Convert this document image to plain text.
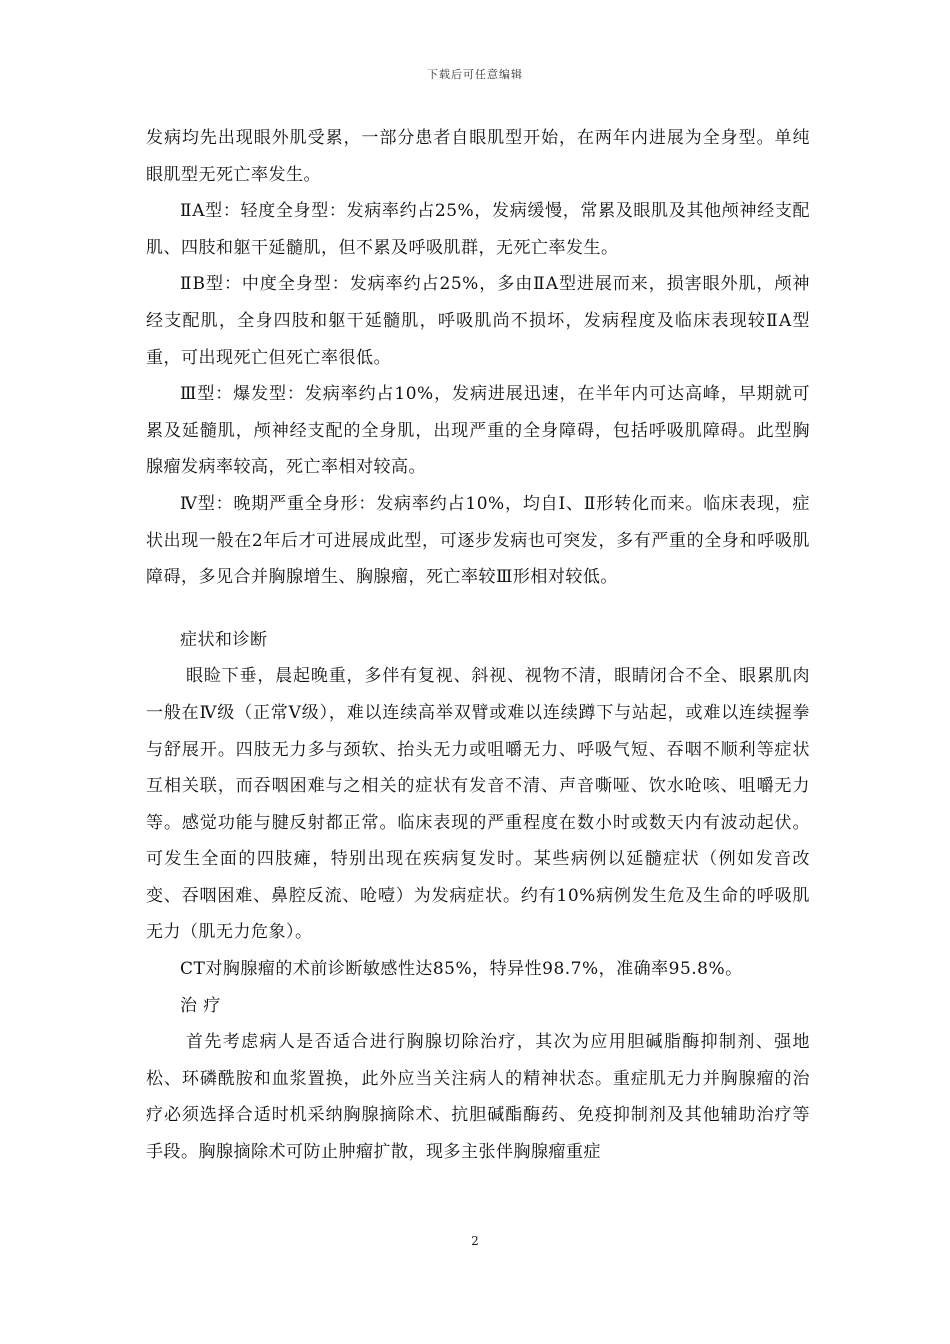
下载后可任意编辑

发病均先出现眼外肌受累，一部分患者自眼肌型开始，在两年内进展为全身型。单纯眼肌型无死亡率发生。

ⅡA型：轻度全身型：发病率约占25%，发病缓慢，常累及眼肌及其他颅神经支配肌、四肢和躯干延髓肌，但不累及呼吸肌群，无死亡率发生。

ⅡB型：中度全身型：发病率约占25%，多由ⅡA型进展而来，损害眼外肌，颅神经支配肌，全身四肢和躯干延髓肌，呼吸肌尚不损坏，发病程度及临床表现较ⅡA型重，可出现死亡但死亡率很低。

Ⅲ型：爆发型：发病率约占10%，发病进展迅速，在半年内可达高峰，早期就可累及延髓肌，颅神经支配的全身肌，出现严重的全身障碍，包括呼吸肌障碍。此型胸腺瘤发病率较高，死亡率相对较高。

Ⅳ型：晚期严重全身形：发病率约占10%，均自Ⅰ、Ⅱ形转化而来。临床表现，症状出现一般在2年后才可进展成此型，可逐步发病也可突发，多有严重的全身和呼吸肌障碍，多见合并胸腺增生、胸腺瘤，死亡率较Ⅲ形相对较低。

症状和诊断

眼睑下垂，晨起晚重，多伴有复视、斜视、视物不清，眼睛闭合不全、眼累肌肉一般在Ⅳ级（正常Ⅴ级），难以连续高举双臂或难以连续蹲下与站起，或难以连续握拳与舒展开。四肢无力多与颈软、抬头无力或咀嚼无力、呼吸气短、吞咽不顺利等症状互相关联，而吞咽困难与之相关的症状有发音不清、声音嘶哑、饮水呛咳、咀嚼无力等。感觉功能与腱反射都正常。临床表现的严重程度在数小时或数天内有波动起伏。可发生全面的四肢瘫，特别出现在疾病复发时。某些病例以延髓症状（例如发音改变、吞咽困难、鼻腔反流、呛噎）为发病症状。约有10%病例发生危及生命的呼吸肌无力（肌无力危象）。

CT对胸腺瘤的术前诊断敏感性达85%，特异性98.7%，准确率95.8%。

治 疗

首先考虑病人是否适合进行胸腺切除治疗，其次为应用胆碱脂酶抑制剂、强地松、环磷酰胺和血浆置换，此外应当关注病人的精神状态。重症肌无力并胸腺瘤的治疗必须选择合适时机采纳胸腺摘除术、抗胆碱酯酶药、免疫抑制剂及其他辅助治疗等手段。胸腺摘除术可防止肿瘤扩散，现多主张伴胸腺瘤重症

2
